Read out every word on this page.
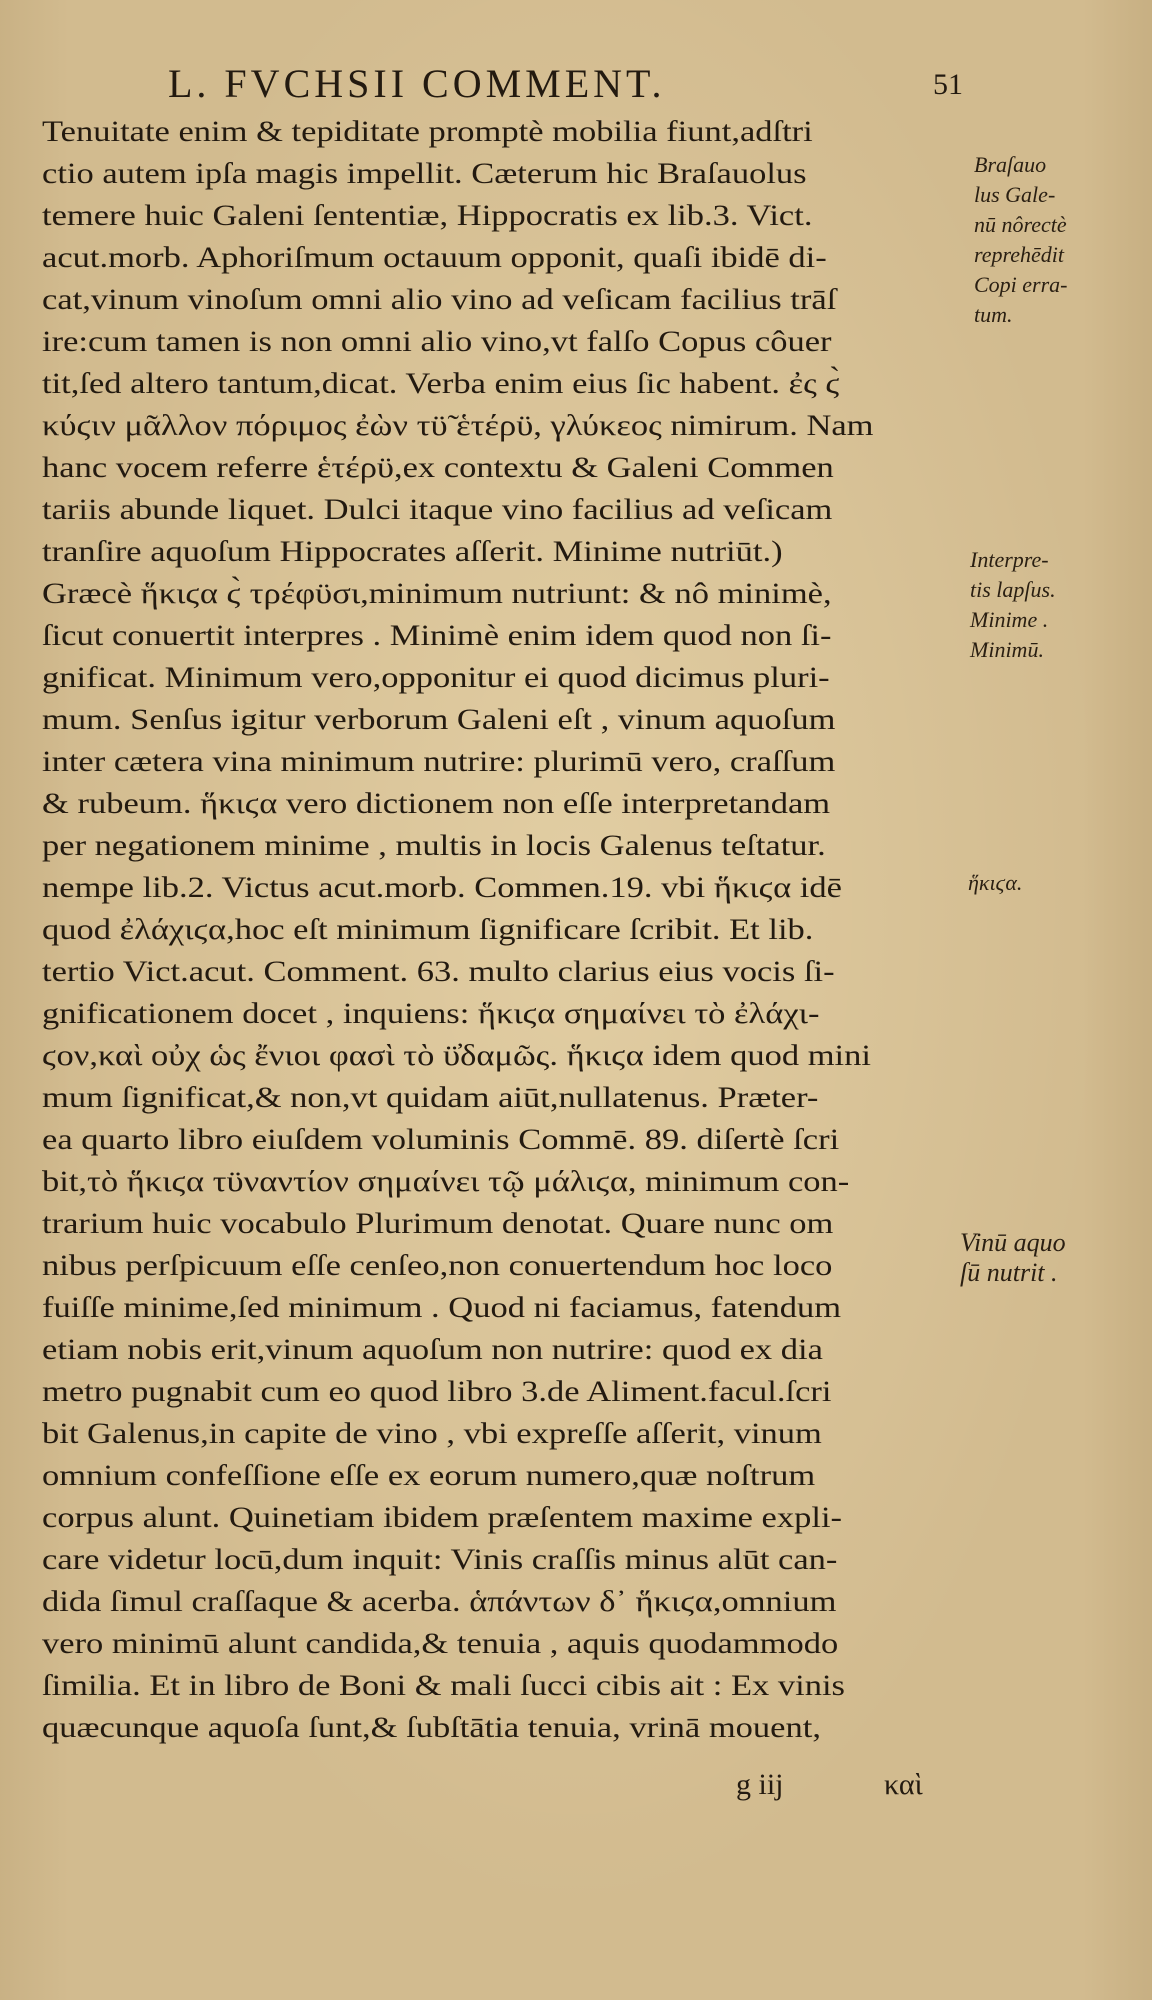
L. FVCHSII COMMENT.	51
Tenuitate enim & tepiditate promptè mobilia fiunt,adſtri
ctio autem ipſa magis impellit. Cæterum hic Braſauolus
temere huic Galeni ſententiæ, Hippocratis ex lib.3. Vict.
acut.morb. Aphoriſmum octauum opponit, quaſi ibidē di-
cat,vinum vinoſum omni alio vino ad veſicam facilius trāſ
ire:cum tamen is non omni alio vino,vt falſo Copus côuer
tit,ſed altero tantum,dicat. Verba enim eius ſic habent. ἐς ϛ̀
κύϛιν μᾶλλον πόριμος ἐὼν τϋ̃ ἑτέρϋ, γλύκεος nimirum. Nam
hanc vocem referre ἑτέρϋ,ex contextu & Galeni Commen
tariis abunde liquet. Dulci itaque vino facilius ad veſicam
tranſire aquoſum Hippocrates aſſerit. Minime nutriūt.)
Græcè ἥκιϛα ϛ̀ τρέφϋσι,minimum nutriunt: & nô minimè,
ſicut conuertit interpres . Minimè enim idem quod non ſi-
gnificat. Minimum vero,opponitur ei quod dicimus pluri-
mum. Senſus igitur verborum Galeni eſt , vinum aquoſum
inter cætera vina minimum nutrire: plurimū vero, craſſum
& rubeum. ἥκιϛα vero dictionem non eſſe interpretandam
per negationem minime , multis in locis Galenus teſtatur.
nempe lib.2. Victus acut.morb. Commen.19. vbi ἥκιϛα idē
quod ἐλάχιϛα,hoc eſt minimum ſignificare ſcribit. Et lib.
tertio Vict.acut. Comment. 63. multo clarius eius vocis ſi-
gnificationem docet , inquiens: ἥκιϛα σημαίνει τὸ ἐλάχι-
ϛον,καὶ οὐχ ὡς ἔνιοι φασὶ τὸ ϋ̓δαμῶς. ἥκιϛα idem quod mini
mum ſignificat,& non,vt quidam aiūt,nullatenus. Præter-
ea quarto libro eiuſdem voluminis Commē. 89. diſertè ſcri
bit,τὸ ἥκιϛα τϋναντίον σημαίνει τῷ μάλιϛα, minimum con-
trarium huic vocabulo Plurimum denotat. Quare nunc om
nibus perſpicuum eſſe cenſeo,non conuertendum hoc loco
fuiſſe minime,ſed minimum . Quod ni faciamus, fatendum
etiam nobis erit,vinum aquoſum non nutrire: quod ex dia
metro pugnabit cum eo quod libro 3.de Aliment.facul.ſcri
bit Galenus,in capite de vino , vbi expreſſe aſſerit, vinum
omnium confeſſione eſſe ex eorum numero,quæ noſtrum
corpus alunt. Quinetiam ibidem præſentem maxime expli-
care videtur locū,dum inquit: Vinis craſſis minus alūt can-
dida ſimul craſſaque & acerba. ἁπάντων δ᾽ ἥκιϛα,omnium
vero minimū alunt candida,& tenuia , aquis quodammodo
ſimilia. Et in libro de Boni & mali ſucci cibis ait : Ex vinis
quæcunque aquoſa ſunt,& ſubſtātia tenuia, vrinā mouent,
Braſauo
lus Gale-
nū nôrectè
reprehēdit
Copi erra-
tum.
Interpre-
tis lapſus.
Minime .
Minimū.
ἥκιϛα.
Vinū aquo
ſū nutrit .
g iij	καὶ
